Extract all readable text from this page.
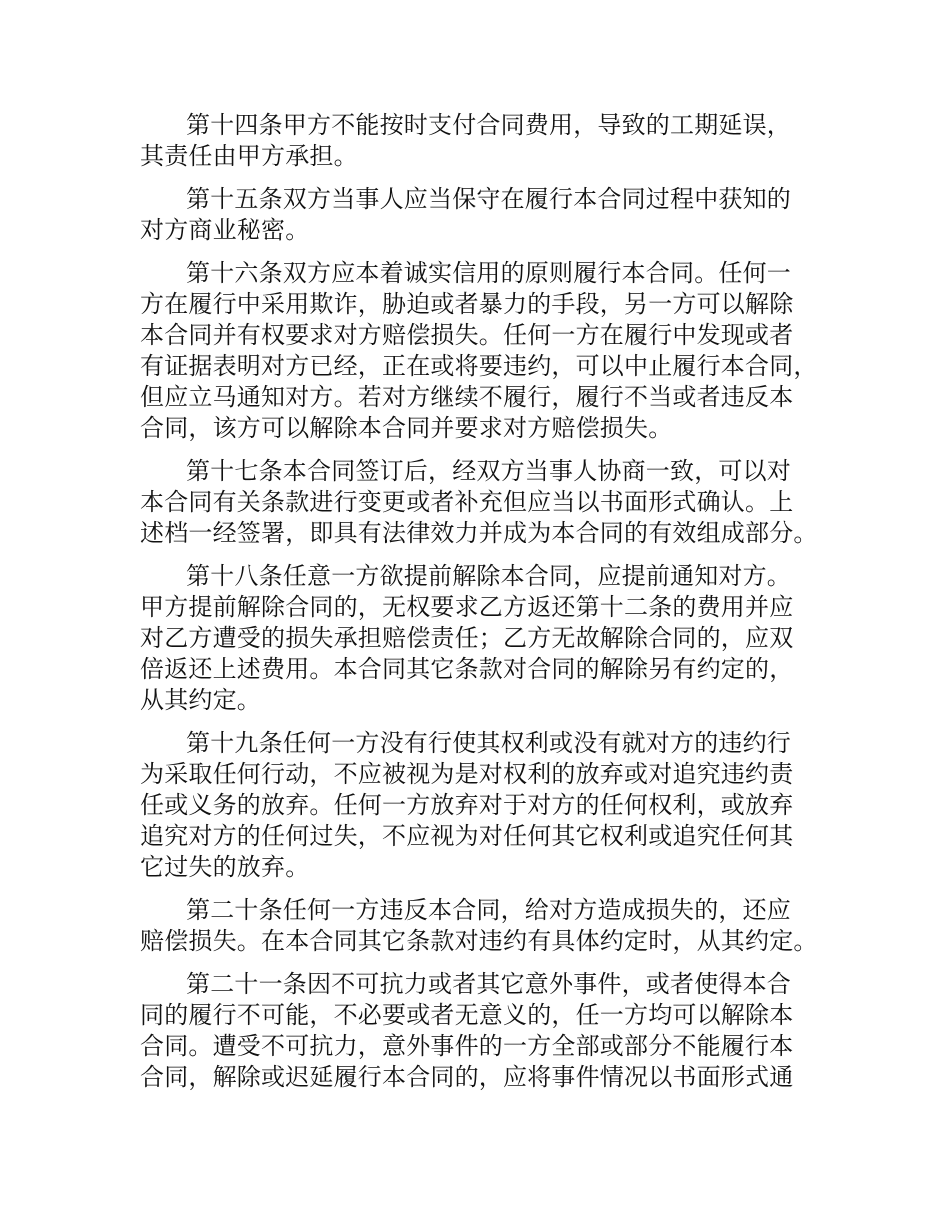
第十四条甲方不能按时支付合同费用，导致的工期延误，
其责任由甲方承担。

第十五条双方当事人应当保守在履行本合同过程中获知的
对方商业秘密。

第十六条双方应本着诚实信用的原则履行本合同。任何一
方在履行中采用欺诈，胁迫或者暴力的手段，另一方可以解除
本合同并有权要求对方赔偿损失。任何一方在履行中发现或者
有证据表明对方已经，正在或将要违约，可以中止履行本合同，
但应立马通知对方。若对方继续不履行，履行不当或者违反本
合同，该方可以解除本合同并要求对方赔偿损失。

第十七条本合同签订后，经双方当事人协商一致，可以对
本合同有关条款进行变更或者补充但应当以书面形式确认。上
述档一经签署，即具有法律效力并成为本合同的有效组成部分。

第十八条任意一方欲提前解除本合同，应提前通知对方。
甲方提前解除合同的，无权要求乙方返还第十二条的费用并应
对乙方遭受的损失承担赔偿责任；乙方无故解除合同的，应双
倍返还上述费用。本合同其它条款对合同的解除另有约定的，
从其约定。

第十九条任何一方没有行使其权利或没有就对方的违约行
为采取任何行动，不应被视为是对权利的放弃或对追究违约责
任或义务的放弃。任何一方放弃对于对方的任何权利，或放弃
追究对方的任何过失，不应视为对任何其它权利或追究任何其
它过失的放弃。

第二十条任何一方违反本合同，给对方造成损失的，还应
赔偿损失。在本合同其它条款对违约有具体约定时，从其约定。

第二十一条因不可抗力或者其它意外事件，或者使得本合
同的履行不可能，不必要或者无意义的，任一方均可以解除本
合同。遭受不可抗力，意外事件的一方全部或部分不能履行本
合同，解除或迟延履行本合同的，应将事件情况以书面形式通
